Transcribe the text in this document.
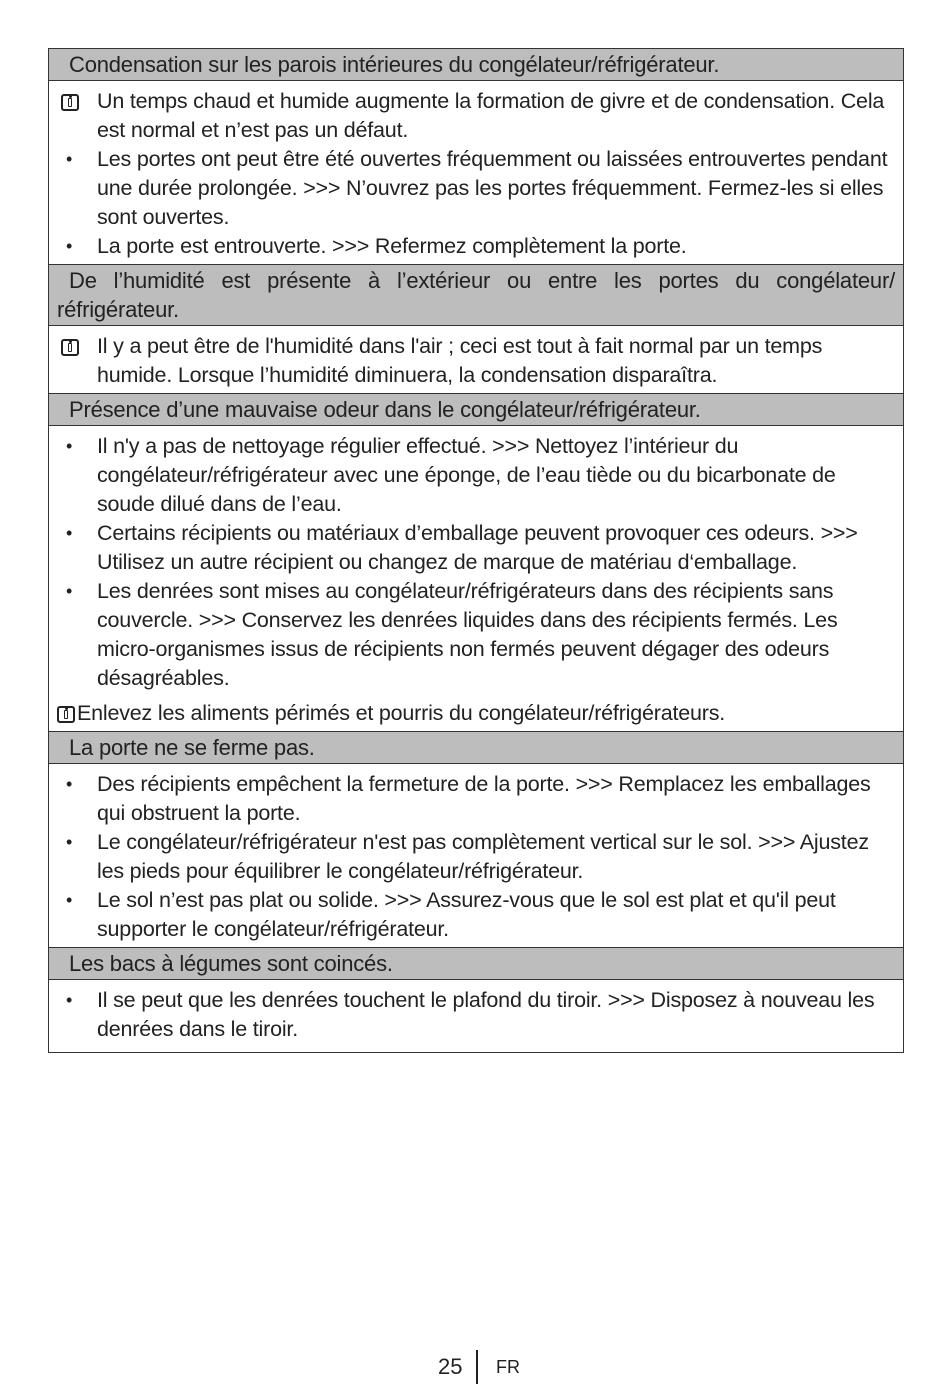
Condensation sur les parois intérieures du congélateur/réfrigérateur.
Un temps chaud et humide augmente la formation de givre et de condensation. Cela est normal et n’est pas un défaut.
•	Les portes ont peut être été ouvertes fréquemment ou laissées entrouvertes pendant une durée prolongée. >>> N’ouvrez pas les portes fréquemment. Fermez-les si elles sont ouvertes.
•	La porte est entrouverte. >>> Refermez complètement la porte.
De l’humidité est présente à l’extérieur ou entre les portes du congélateur/ réfrigérateur.
Il y a peut être de l'humidité dans l'air ; ceci est tout à fait normal par un temps humide. Lorsque l’humidité diminuera, la condensation disparaîtra.
Présence d’une mauvaise odeur dans le congélateur/réfrigérateur.
•	Il n'y a pas de nettoyage régulier effectué. >>> Nettoyez l’intérieur du congélateur/réfrigérateur avec une éponge, de l’eau tiède ou du bicarbonate de soude dilué dans de l’eau.
•	Certains récipients ou matériaux d’emballage peuvent provoquer ces odeurs. >>> Utilisez un autre récipient ou changez de marque de matériau d‘emballage.
•	Les denrées sont mises au congélateur/réfrigérateurs dans des récipients sans couvercle. >>> Conservez les denrées liquides dans des récipients fermés. Les micro-organismes issus de récipients non fermés peuvent dégager des odeurs désagréables.
Enlevez les aliments périmés et pourris du congélateur/réfrigérateurs.
La porte ne se ferme pas.
•	Des récipients empêchent la fermeture de la porte. >>> Remplacez les emballages qui obstruent la porte.
•	Le congélateur/réfrigérateur n'est pas complètement vertical sur le sol. >>> Ajustez les pieds pour équilibrer le congélateur/réfrigérateur.
•	Le sol n’est pas plat ou solide. >>> Assurez-vous que le sol est plat et qu'il peut supporter le congélateur/réfrigérateur.
Les bacs à légumes sont coincés.
•	Il se peut que les denrées touchent le plafond du tiroir. >>> Disposez à nouveau les denrées dans le tiroir.
25 FR
